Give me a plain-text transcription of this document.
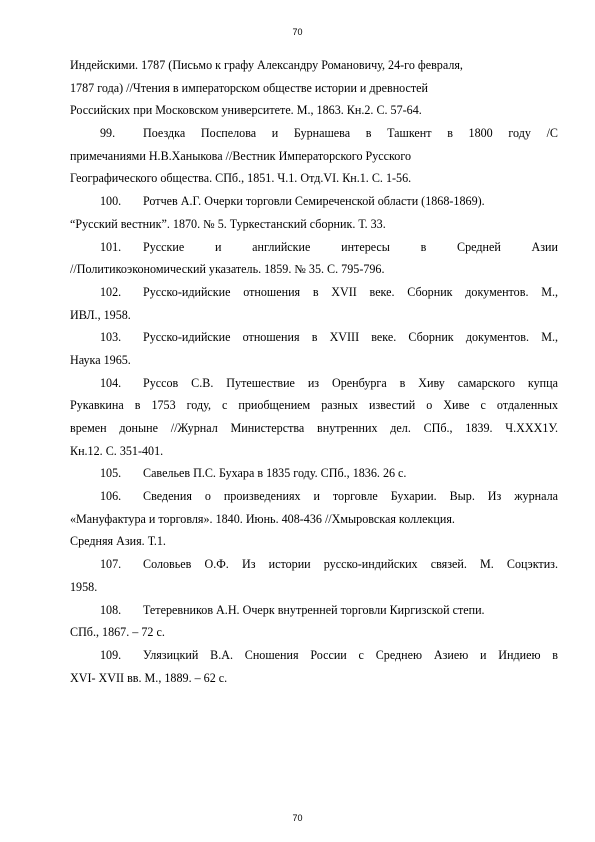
70
Индейскими. 1787 (Письмо к графу Александру Романовичу, 24-го февраля,
1787 года) //Чтения в императорском обществе истории и древностей
Российских при Московском университете. М., 1863. Кн.2. С. 57-64.
99.	Поездка Поспелова и Бурнашева в Ташкент в 1800 году /С
примечаниями Н.В.Ханыкова //Вестник Императорского Русского
Географического общества. СПб., 1851. Ч.1. Отд.VI. Кн.1. С. 1-56.
100.	Ротчев А.Г. Очерки торговли Семиреченской области (1868-1869).
“Русский вестник”. 1870. № 5. Туркестанский сборник. Т. 33.
101.	Русские и английские интересы в Средней Азии
//Политикоэкономический указатель. 1859. № 35. С. 795-796.
102.	Русско-идийские отношения в XVII веке. Сборник документов. М.,
ИВЛ., 1958.
103.	Русско-идийские отношения в XVIII веке. Сборник документов. М.,
Наука 1965.
104.	Руссов С.В. Путешествие из Оренбурга в Хиву самарского купца
Рукавкина в 1753 году, с приобщением разных известий о Хиве с отдаленных
времен доныне //Журнал Министерства внутренних дел. СПб., 1839. Ч.XXX1У.
Кн.12. С. 351-401.
105.	Савельев П.С. Бухара в 1835 году. СПб., 1836. 26 с.
106.	Сведения о произведениях и торговле Бухарии. Выр. Из журнала
«Мануфактура и торговля». 1840. Июнь. 408-436 //Хмыровская коллекция.
Средняя Азия. Т.1.
107.	Соловьев О.Ф. Из истории русско-индийских связей. М. Соцэктиз.
1958.
108.	Тетеревников А.Н. Очерк внутренней торговли Киргизской степи.
СПб., 1867. – 72 с.
109.	Улязицкий В.А. Сношения России с Среднею Азиею и Индиею в
XVI- XVII вв. М., 1889. – 62 с.
70
